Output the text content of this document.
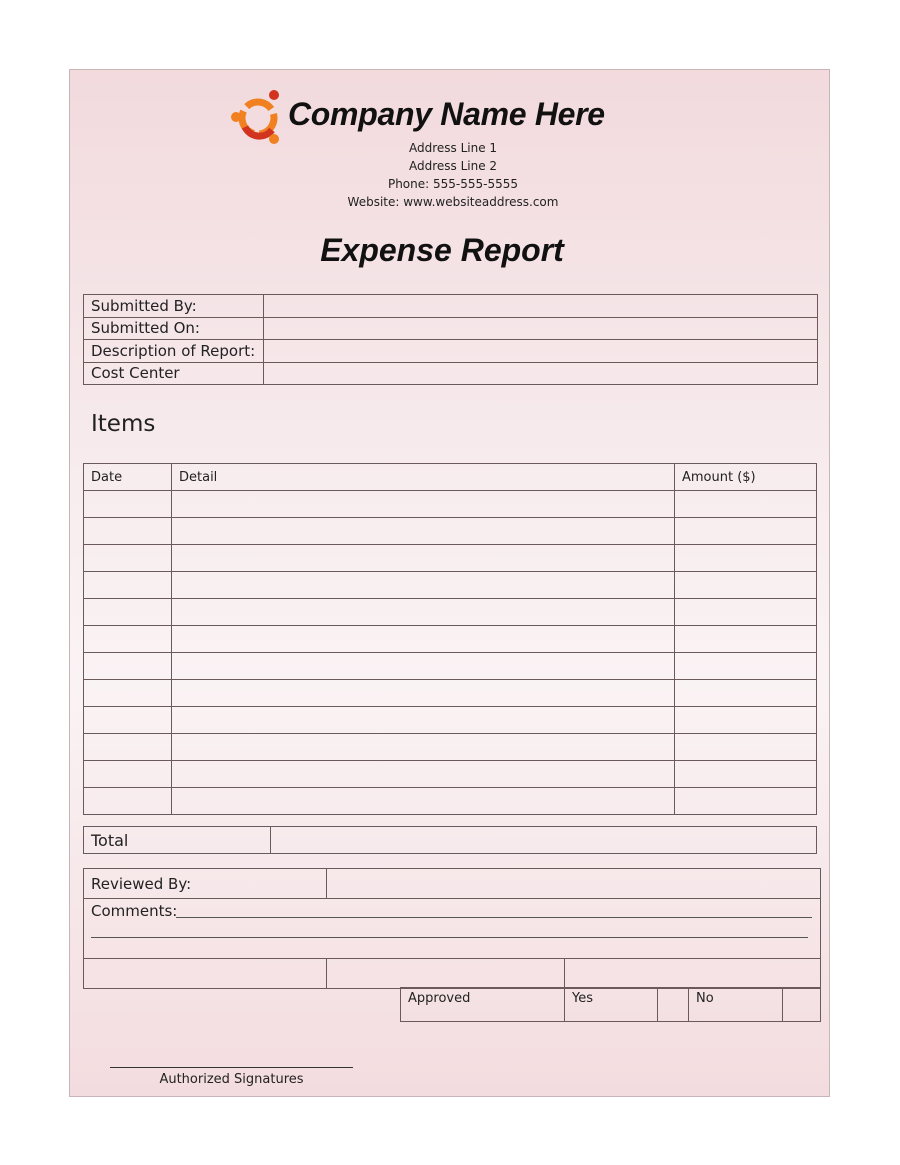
Company Name Here
Address Line 1
Address Line 2
Phone: 555-555-5555
Website: www.websiteaddress.com
Expense Report
Submitted By:	
Submitted On:	
Description of Report:	
Cost Center	
Items
Date	Detail	Amount ($)

Total	
Reviewed By:		
Comments:		

Approved	Yes		No	
Authorized Signatures
